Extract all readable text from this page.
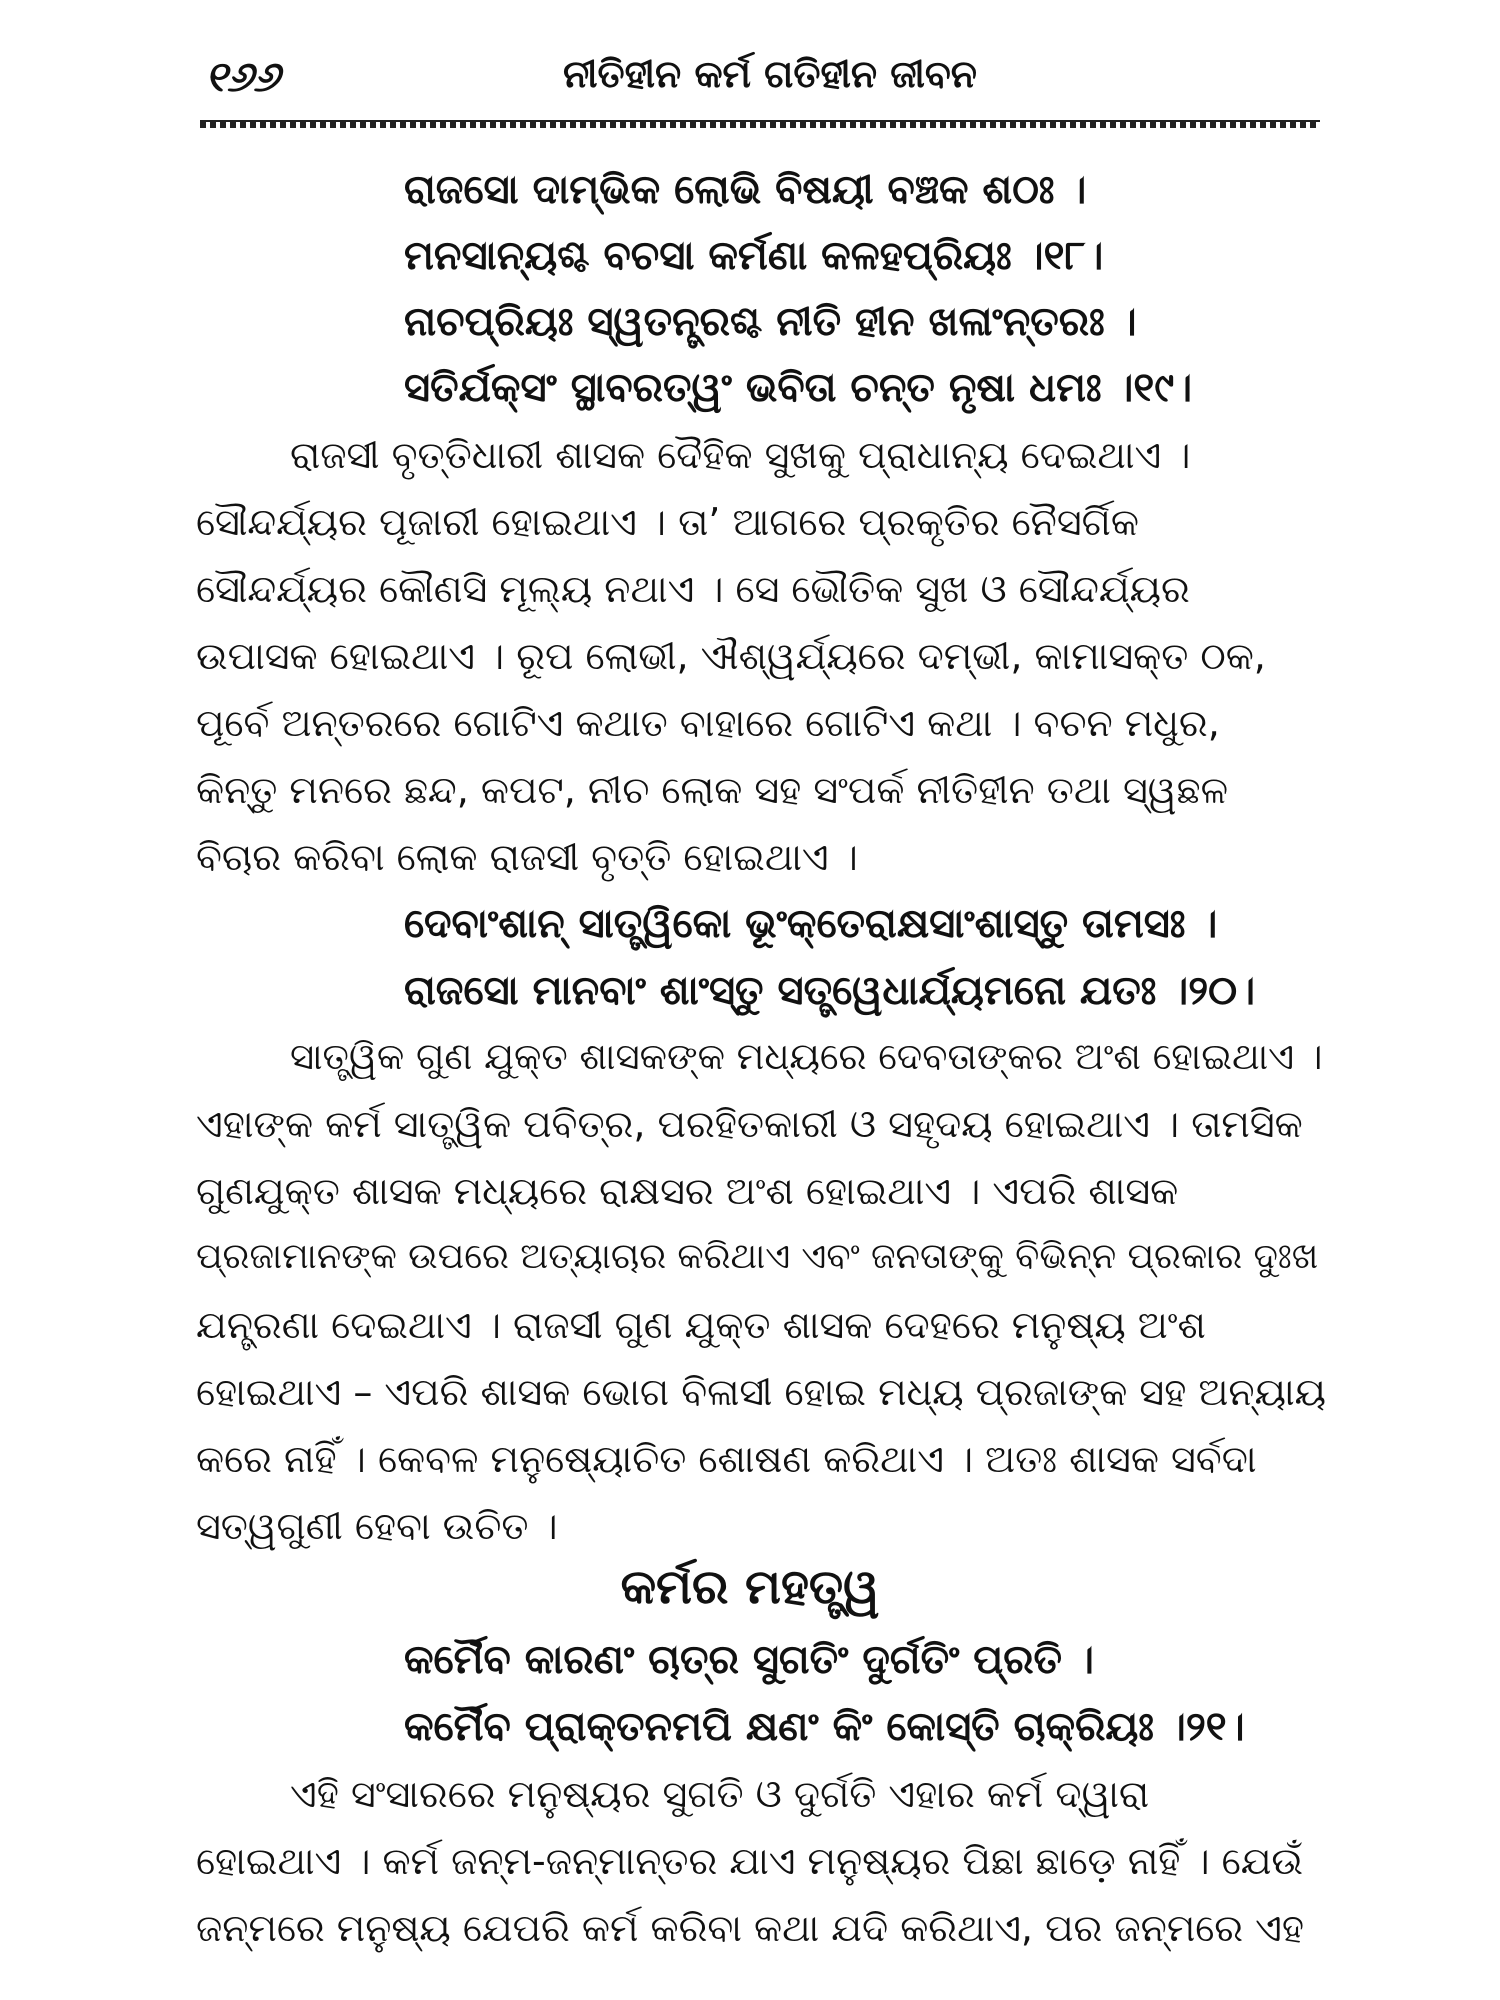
୧୬୬	ନୀତିହୀନ କର୍ମ ଗତିହୀନ ଜୀବନ
ରାଜସୋ ଦାମ୍ଭିକ ଲୋଭି ବିଷୟୀ ବଞ୍ଚକ ଶଠଃ ।
ମନସାନ୍ୟଶ୍ଚ ବଚସା କର୍ମଣା କଳହପ୍ରିୟଃ ।୧୮।
ନାଚପ୍ରିୟଃ ସ୍ୱତନ୍ତ୍ରଶ୍ଚ ନୀତି ହୀନ ଖଳାଂନ୍ତରଃ ।
ସତିର୍ଯକ୍ସଂ ସ୍ଥାବରତ୍ୱଂ ଭବିତା ଚନ୍ତ ନୃଷା ଧମଃ ।୧୯।
ରାଜସୀ ବୃତ୍ତିଧାରୀ ଶାସକ ଦୈହିକ ସୁଖକୁ ପ୍ରାଧାନ୍ୟ ଦେଇଥାଏ ।
ସୌନ୍ଦର୍ଯ୍ୟର ପୂଜାରୀ ହୋଇଥାଏ । ତା’ ଆଗରେ ପ୍ରକୃତିର ନୈସର୍ଗିକ
ସୌନ୍ଦର୍ଯ୍ୟର କୌଣସି ମୂଲ୍ୟ ନଥାଏ । ସେ ଭୌତିକ ସୁଖ ଓ ସୌନ୍ଦର୍ଯ୍ୟର
ଉପାସକ ହୋଇଥାଏ । ରୂପ ଲୋଭୀ, ଐଶ୍ୱର୍ଯ୍ୟରେ ଦମ୍ଭୀ, କାମାସକ୍ତ ଠକ,
ପୂର୍ବେ ଅନ୍ତରରେ ଗୋଟିଏ କଥାତ ବାହାରେ ଗୋଟିଏ କଥା । ବଚନ ମଧୁର,
କିନ୍ତୁ ମନରେ ଛନ୍ଦ, କପଟ, ନୀଚ ଲୋକ ସହ ସଂପର୍କ ନୀତିହୀନ ତଥା ସ୍ୱଛଳ
ବିଚାର କରିବା ଲୋକ ରାଜସୀ ବୃତ୍ତି ହୋଇଥାଏ ।
ଦେବାଂଶାନ୍ ସାତ୍ତ୍ୱିକୋ ଭୂଂକ୍ତେରାକ୍ଷସାଂଶାସ୍ତୁ ତାମସଃ ।
ରାଜସୋ ମାନବାଂ ଶାଂସ୍ତୁ ସତ୍ତ୍ୱେଧାର୍ଯ୍ୟମନୋ ଯତଃ ।୨୦।
ସାତ୍ତ୍ୱିକ ଗୁଣ ଯୁକ୍ତ ଶାସକଙ୍କ ମଧ୍ୟରେ ଦେବତାଙ୍କର ଅଂଶ ହୋଇଥାଏ ।
ଏହାଙ୍କ କର୍ମ ସାତ୍ତ୍ୱିକ ପବିତ୍ର, ପରହିତକାରୀ ଓ ସହୃଦୟ ହୋଇଥାଏ । ତାମସିକ
ଗୁଣଯୁକ୍ତ ଶାସକ ମଧ୍ୟରେ ରାକ୍ଷସର ଅଂଶ ହୋଇଥାଏ । ଏପରି ଶାସକ
ପ୍ରଜାମାନଙ୍କ ଉପରେ ଅତ୍ୟାଚାର କରିଥାଏ ଏବଂ ଜନତାଙ୍କୁ ବିଭିନ୍ନ ପ୍ରକାର ଦୁଃଖ
ଯନ୍ତ୍ରଣା ଦେଇଥାଏ । ରାଜସୀ ଗୁଣ ଯୁକ୍ତ ଶାସକ ଦେହରେ ମନୁଷ୍ୟ ଅଂଶ
ହୋଇଥାଏ – ଏପରି ଶାସକ ଭୋଗ ବିଳାସୀ ହୋଇ ମଧ୍ୟ ପ୍ରଜାଙ୍କ ସହ ଅନ୍ୟାୟ
କରେ ନାହିଁ । କେବଳ ମନୁଷ୍ୟୋଚିତ ଶୋଷଣ କରିଥାଏ । ଅତଃ ଶାସକ ସର୍ବଦା
ସତ୍ୱଗୁଣୀ ହେବା ଉଚିତ ।
କର୍ମର ମହତ୍ତ୍ୱ
କର୍ମୈବ କାରଣଂ ଚାତ୍ର ସୁଗତିଂ ଦୁର୍ଗତିଂ ପ୍ରତି ।
କର୍ମୈବ ପ୍ରାକ୍ତନମପି କ୍ଷଣଂ କିଂ କୋସ୍ତି ଚାକ୍ରିୟଃ ।୨୧।
ଏହି ସଂସାରରେ ମନୁଷ୍ୟର ସୁଗତି ଓ ଦୁର୍ଗତି ଏହାର କର୍ମ ଦ୍ୱାରା
ହୋଇଥାଏ । କର୍ମ ଜନ୍ମ-ଜନ୍ମାନ୍ତର ଯାଏ ମନୁଷ୍ୟର ପିଛା ଛାଡ଼େ ନାହିଁ । ଯେଉଁ
ଜନ୍ମରେ ମନୁଷ୍ୟ ଯେପରି କର୍ମ କରିବା କଥା ଯଦି କରିଥାଏ, ପର ଜନ୍ମରେ ଏହ
